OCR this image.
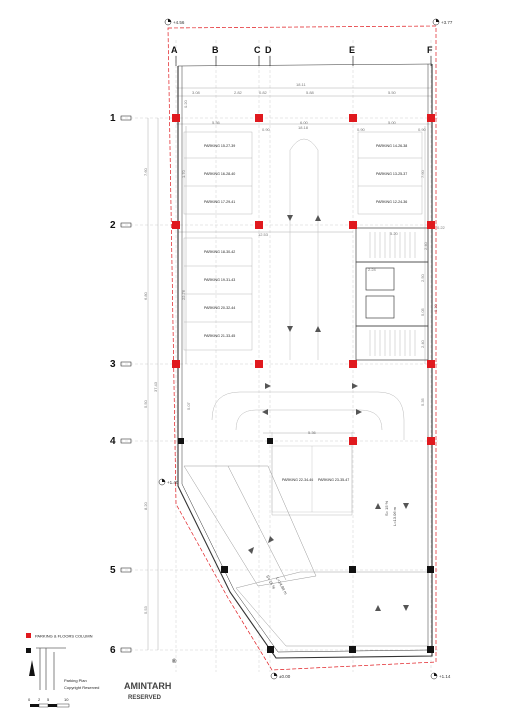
A	B	C D	E	F
1
2
3
4
5
6
18.11
3.08	2.82	0.82	5.88	5.50
5.36	6.00	5.00
0.90	18.18	0.90	0.90
12.53	5.20
2.24
0.22
5.36
0.20
7.60
6.80
5.50
8.20
5.53
37.43
1.70
22.76
5.07
7.60
2.40
2.50
0.30
5.05
2.40
5.35
PARKING 15-27-39
PARKING 16-28-40
PARKING 17-29-41
PARKING 18-30-42
PARKING 19-31-43
PARKING 20-32-44
PARKING 21-33-45
PARKING 14-26-38
PARKING 13-25-37
PARKING 12-24-36
PARKING 22-34-46 PARKING 23-35-47
S= 15 %
L=14.84 m
S= 15 % L=13.06 m
+4.56	+3.77
+1.40
±0.00	+1.14
PARKING & FLOORS COLUMN
AMINTARH
®
Parking Plan
Copyright Reserved
RESERVED
0 2 5	10
